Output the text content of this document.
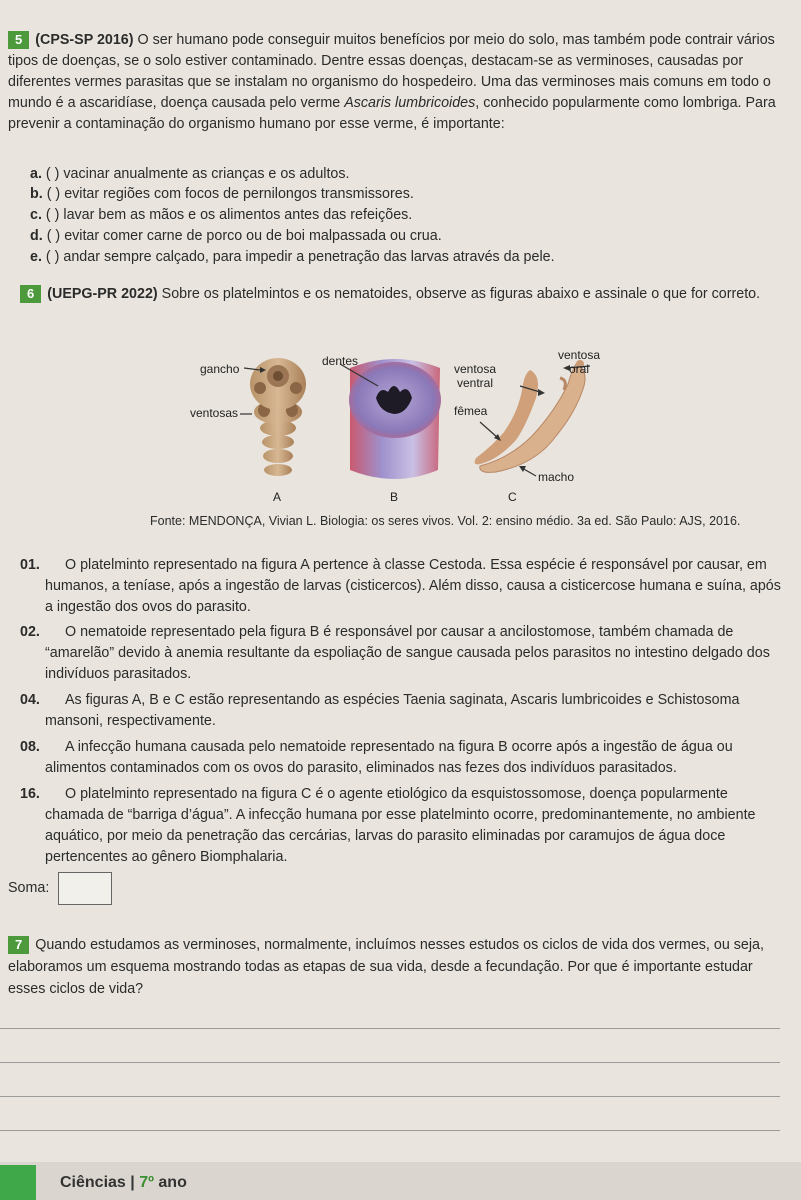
5 (CPS-SP 2016) O ser humano pode conseguir muitos benefícios por meio do solo, mas também pode contrair vários tipos de doenças, se o solo estiver contaminado. Dentre essas doenças, destacam-se as verminoses, causadas por diferentes vermes parasitas que se instalam no organismo do hospedeiro. Uma das verminoses mais comuns em todo o mundo é a ascaridíase, doença causada pelo verme Ascaris lumbricoides, conhecido popularmente como lombriga. Para prevenir a contaminação do organismo humano por esse verme, é importante:
a. ( ) vacinar anualmente as crianças e os adultos.
b. ( ) evitar regiões com focos de pernilongos transmissores.
c. ( ) lavar bem as mãos e os alimentos antes das refeições.
d. ( ) evitar comer carne de porco ou de boi malpassada ou crua.
e. ( ) andar sempre calçado, para impedir a penetração das larvas através da pele.
6 (UEPG-PR 2022) Sobre os platelmintos e os nematoides, observe as figuras abaixo e assinale o que for correto.
gancho
ventosas
dentes
ventosa
ventral
ventosa
oral
fêmea
macho
A	B	C
Fonte: MENDONÇA, Vivian L. Biologia: os seres vivos. Vol. 2: ensino médio. 3a ed. São Paulo: AJS, 2016.
01.	O platelminto representado na figura A pertence à classe Cestoda. Essa espécie é responsável por causar, em humanos, a teníase, após a ingestão de larvas (cisticercos). Além disso, causa a cisticercose humana e suína, após a ingestão dos ovos do parasito.
02.	O nematoide representado pela figura B é responsável por causar a ancilostomose, também chamada de “amarelão” devido à anemia resultante da espoliação de sangue causada pelos parasitos no intestino delgado dos indivíduos parasitados.
04.	As figuras A, B e C estão representando as espécies Taenia saginata, Ascaris lumbricoides e Schistosoma mansoni, respectivamente.
08.	A infecção humana causada pelo nematoide representado na figura B ocorre após a ingestão de água ou alimentos contaminados com os ovos do parasito, eliminados nas fezes dos indivíduos parasitados.
16.	O platelminto representado na figura C é o agente etiológico da esquistossomose, doença popularmente chamada de “barriga d’água”. A infecção humana por esse platelminto ocorre, predominantemente, no ambiente aquático, por meio da penetração das cercárias, larvas do parasito eliminadas por caramujos de água doce pertencentes ao gênero Biomphalaria.
Soma:
7 Quando estudamos as verminoses, normalmente, incluímos nesses estudos os ciclos de vida dos vermes, ou seja, elaboramos um esquema mostrando todas as etapas de sua vida, desde a fecundação. Por que é importante estudar esses ciclos de vida?
Ciências | 7º ano
